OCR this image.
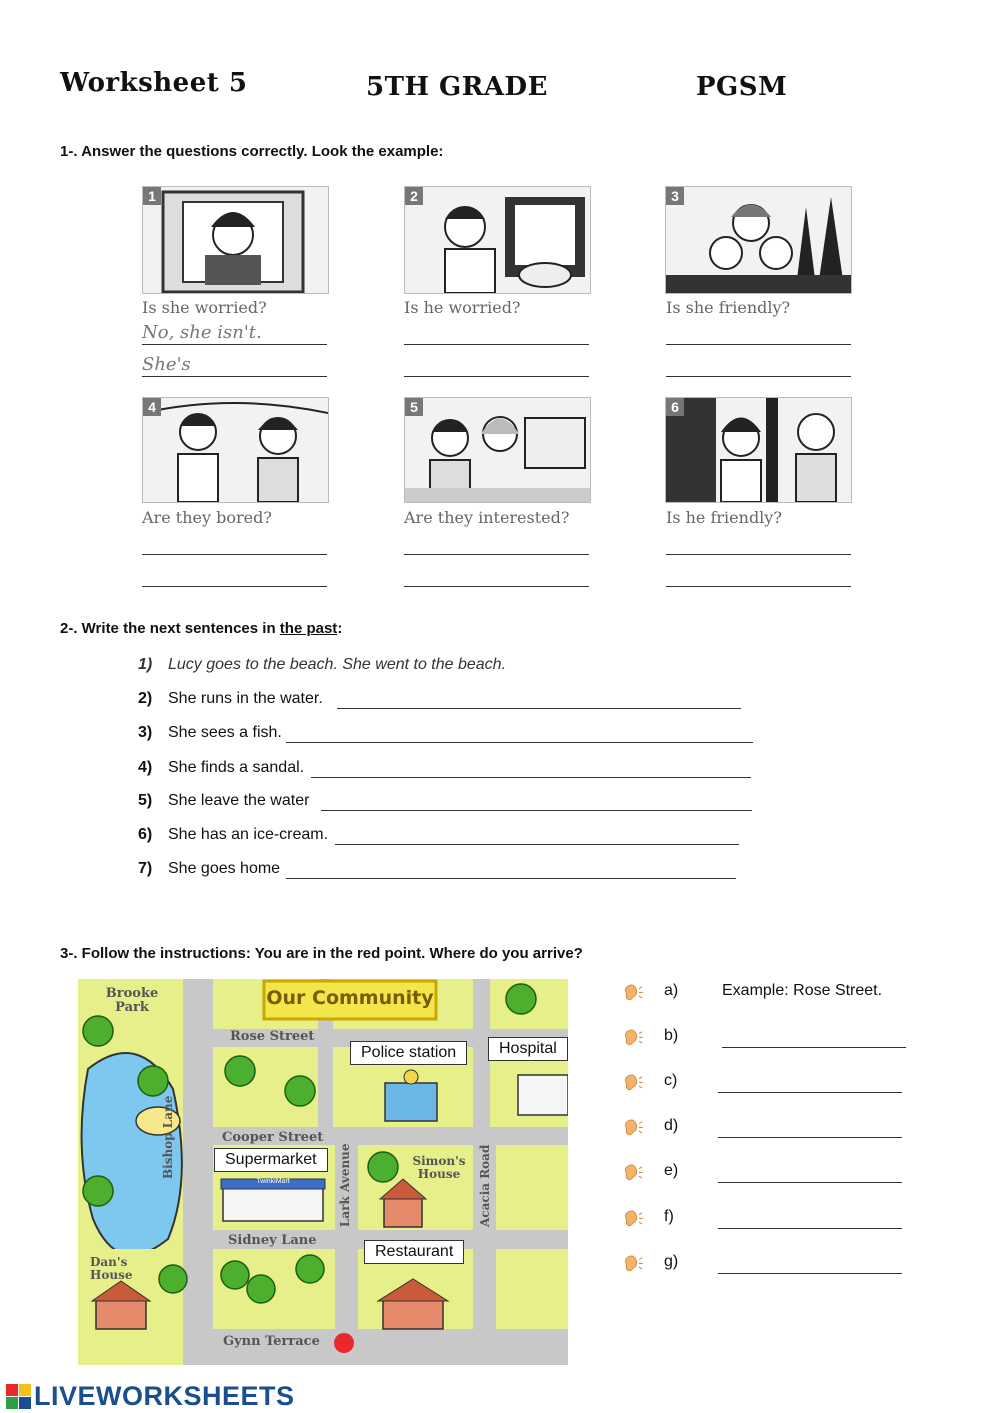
Worksheet 5	5TH GRADE	PGSM
1-. Answer the questions correctly. Look the example:
1	2	3
Is she worried?	Is he worried?	Is she friendly?
No, she isn't.
She's
4	5	6
Are they bored?	Are they interested?	Is he friendly?
2-. Write the next sentences in the past:
1) Lucy goes to the beach. She went to the beach.
2) She runs in the water.
3) She sees a fish.
4) She finds a sandal.
5) She leave the water
6) She has an ice-cream.
7) She goes home
3-. Follow the instructions: You are in the red point. Where do you arrive?
Our Community
Brooke Park
Rose Street
Cooper Street
Sidney Lane
Gynn Terrace
Bishop Lane
Lark Avenue	Acacia Road
Simon's House
Dan's House
TwinkiMart
Police station	Hospital
Supermarket
Restaurant
a)	Example: Rose Street.
b)
c)
d)
e)
f)
g)
LIVEWORKSHEETS
